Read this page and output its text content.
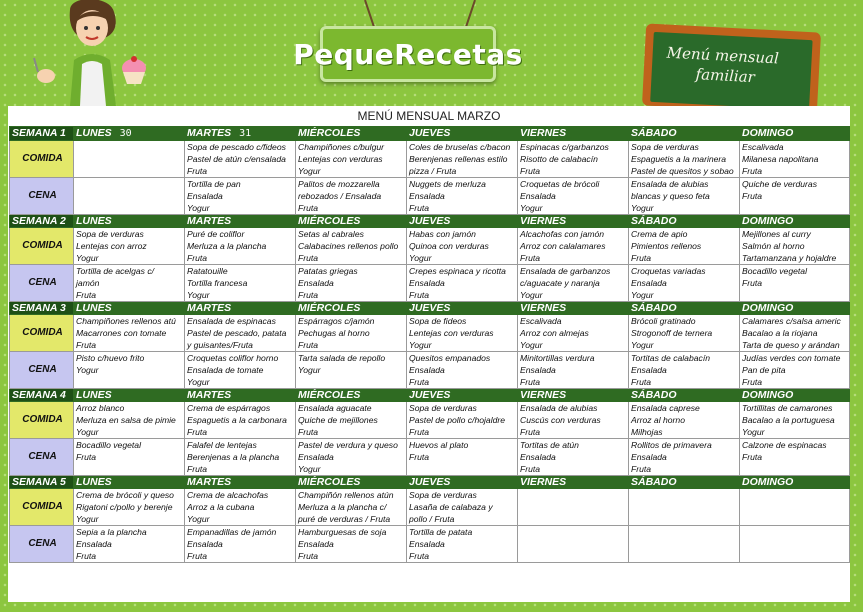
PequeRecetas	Menú mensual
familiar
MENÚ MENSUAL MARZO
SEMANA 1	LUNES 30	MARTES 31	MIÉRCOLES	JUEVES	VIERNES	SÁBADO	DOMINGO
COMIDA		Sopa de pescado c/fideos
Pastel de atún c/ensalada
Fruta	Champiñones c/bulgur
Lentejas con verduras
Yogur	Coles de bruselas c/bacon
Berenjenas rellenas estilo
pizza / Fruta	Espinacas c/garbanzos
Risotto de calabacín
Fruta	Sopa de verduras
Espaguetis a la marinera
Pastel de quesitos y sobao	Escalivada
Milanesa napolitana
Fruta

CENA		Tortilla de pan
Ensalada
Yogur	Palitos de mozzarella
rebozados / Ensalada
Fruta	Nuggets de merluza
Ensalada
Fruta	Croquetas de brócoli
Ensalada
Yogur	Ensalada de alubias
blancas y queso feta
Yogur	Quiche de verduras
Fruta

SEMANA 2	LUNES	MARTES	MIÉRCOLES	JUEVES	VIERNES	SÁBADO	DOMINGO
COMIDA	Sopa de verduras
Lentejas con arroz
Yogur	Puré de coliflor
Merluza a la plancha
Fruta	Setas al cabrales
Calabacines rellenos pollo
Fruta	Habas con jamón
Quinoa con verduras
Yogur	Alcachofas con jamón
Arroz con calalamares
Fruta	Crema de apio
Pimientos rellenos
Fruta	Mejillones al curry
Salmón al horno
Tartamanzana y hojaldre

CENA	Tortilla de acelgas c/
jamón
Fruta	Ratatouille
Tortilla francesa
Yogur	Patatas griegas
Ensalada
Fruta	Crepes espinaca y ricotta
Ensalada
Fruta	Ensalada de garbanzos
c/aguacate y naranja
Yogur	Croquetas variadas
Ensalada
Yogur	Bocadillo vegetal
Fruta

SEMANA 3	LUNES	MARTES	MIÉRCOLES	JUEVES	VIERNES	SÁBADO	DOMINGO
COMIDA	Champiñones rellenos atú
Macarrones con tomate
Fruta	Ensalada de espinacas
Pastel de pescado, patata
y guisantes/Fruta	Espárragos c/jamón
Pechugas al horno
Fruta	Sopa de fideos
Lentejas con verduras
Yogur	Escalivada
Arroz con almejas
Yogur	Brócoli gratinado
Strogonoff de ternera
Yogur	Calamares c/salsa americ
Bacalao a la riojana
Tarta de queso y arándan

CENA	Pisto c/huevo frito
Yogur	Croquetas coliflor horno
Ensalada de tomate
Yogur	Tarta salada de repollo
Yogur	Quesitos empanados
Ensalada
Fruta	Minitortillas verdura
Ensalada
Fruta	Tortitas de calabacín
Ensalada
Fruta	Judías verdes con tomate
Pan de pita
Fruta

SEMANA 4	LUNES	MARTES	MIÉRCOLES	JUEVES	VIERNES	SÁBADO	DOMINGO
COMIDA	Arroz blanco
Merluza en salsa de pimie
Yogur	Crema de espárragos
Espaguetis a la carbonara
Fruta	Ensalada aguacate
Quiche de mejillones
Fruta	Sopa de verduras
Pastel de pollo c/hojaldre
Fruta	Ensalada de alubias
Cuscús con verduras
Fruta	Ensalada caprese
Arroz al horno
Milhojas	Tortillitas de camarones
Bacalao a la portuguesa
Yogur

CENA	Bocadillo vegetal
Fruta	Falafel de lentejas
Berenjenas a la plancha
Fruta	Pastel de verdura y queso
Ensalada
Yogur	Huevos al plato
Fruta	Tortitas de atún
Ensalada
Fruta	Rollitos de primavera
Ensalada
Fruta	Calzone de espinacas
Fruta

SEMANA 5	LUNES	MARTES	MIÉRCOLES	JUEVES	VIERNES	SÁBADO	DOMINGO
COMIDA	Crema de brócoli y queso
Rigatoni c/pollo y berenje
Yogur	Crema de alcachofas
Arroz a la cubana
Yogur	Champiñón rellenos atún
Merluza a la plancha c/
puré de verduras / Fruta	Sopa de verduras
Lasaña de calabaza y
pollo / Fruta			

CENA	Sepia a la plancha
Ensalada
Fruta	Empanadillas de jamón
Ensalada
Fruta	Hamburguesas de soja
Ensalada
Fruta	Tortilla de patata
Ensalada
Fruta			
